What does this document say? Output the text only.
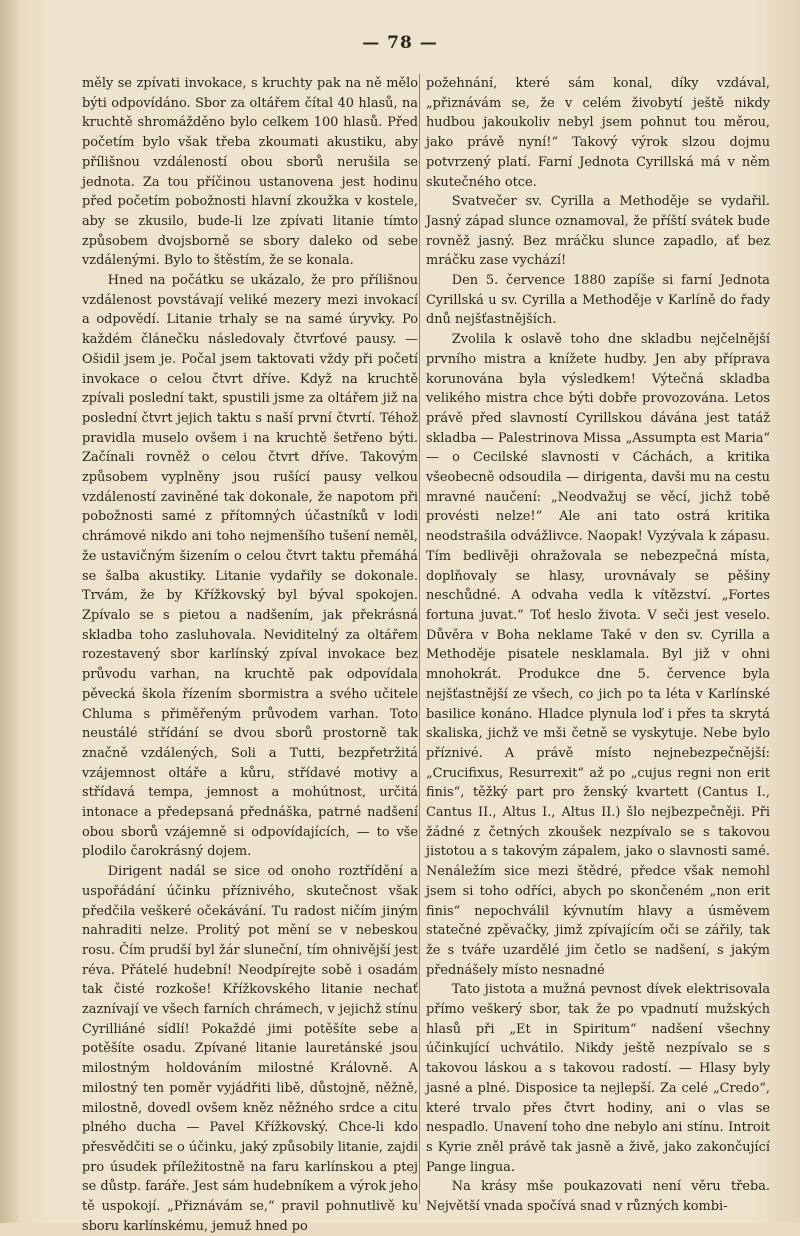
— 78 —

měly se zpívati invokace, s kruchty pak na ně mělo býti odpovídáno. Sbor za oltářem čítal 40 hlasů, na kruchtě shromážděno bylo celkem 100 hlasů. Před početím bylo však třeba zkoumati akustiku, aby přílišnou vzdáleností obou sborů nerušila se jednota. Za tou příčinou ustanovena jest hodinu před početím pobožnosti hlavní zkoužka v kostele, aby se zkusilo, bude-li lze zpívati litanie tímto způsobem dvojsborně se sbory daleko od sebe vzdálenými. Bylo to štěstím, že se konala.

Hned na počátku se ukázalo, že pro přílišnou vzdálenost povstávají veliké mezery mezi invokací a odpovědí. Litanie trhaly se na samé úryvky. Po každém článečku následovaly čtvrťové pausy. — Ošidil jsem je. Počal jsem taktovati vždy při početí invokace o celou čtvrt dříve. Když na kruchtě zpívali poslední takt, spustili jsme za oltářem již na poslední čtvrt jejich taktu s naší první čtvrtí. Téhož pravidla muselo ovšem i na kruchtě šetřeno býti. Začínali rovněž o celou čtvrt dříve. Takovým způsobem vyplněny jsou rušící pausy velkou vzdáleností zaviněné tak dokonale, že napotom při pobožnosti samé z přítomných účastníků v lodi chrámové nikdo ani toho nejmenšího tušení neměl, že ustavičným šizením o celou čtvrt taktu přemáhá se šalba akustiky. Litanie vydařily se dokonale. Trvám, že by Křížkovský byl býval spokojen. Zpívalo se s pietou a nadšením, jak překrásná skladba toho zasluhovala. Neviditelný za oltářem rozestavený sbor karlínský zpíval invokace bez průvodu varhan, na kruchtě pak odpovídala pěvecká škola řízením sbormistra a svého učitele Chluma s přiměřeným průvodem varhan. Toto neustálé střídání se dvou sborů prostorně tak značně vzdálených, Soli a Tutti, bezpřetržitá vzájemnost oltáře a kůru, střídavé motivy a střídavá tempa, jemnost a mohútnost, určitá intonace a předepsaná přednáška, patrné nadšení obou sborů vzájemně si odpovídajících, — to vše plodilo čarokrásný dojem.

Dirigent nadál se sice od onoho roztřídění a uspořádání účinku příznivého, skutečnost však předčila veškeré očekávání. Tu radost ničím jiným nahraditi nelze. Prolitý pot mění se v nebeskou rosu. Čím prudší byl žár sluneční, tím ohnivější jest réva. Přátelé hudební! Neodpírejte sobě i osadám tak čisté rozkoše! Křížkovského litanie nechať zaznívají ve všech farních chrámech, v jejichž stínu Cyrilliáné sídlí! Pokaždé jimi potěšíte sebe a potěšíte osadu. Zpívané litanie lauretánské jsou milostným holdováním milostné Královně. A milostný ten poměr vyjádřiti libě, důstojně, něžně, milostně, dovedl ovšem kněz něžného srdce a citu plného ducha — Pavel Křížkovský. Chce-li kdo přesvědčiti se o účinku, jaký způsobily litanie, zajdi pro úsudek příležitostně na faru karlínskou a ptej se důstp. faráře. Jest sám hudebníkem a výrok jeho tě uspokojí. „Přiznávám se,“ pravil pohnutlivě ku sboru karlínskému, jemuž hned po

požehnání, které sám konal, díky vzdával, „přiznávám se, že v celém živobytí ještě nikdy hudbou jakoukoliv nebyl jsem pohnut tou měrou, jako právě nyní!“ Takový výrok slzou dojmu potvrzený platí. Farní Jednota Cyrillská má v něm skutečného otce.

Svatvečer sv. Cyrilla a Methoděje se vydařil. Jasný západ slunce oznamoval, že příští svátek bude rovněž jasný. Bez mráčku slunce zapadlo, ať bez mráčku zase vychází!

Den 5. července 1880 zapíše si farní Jednota Cyrillská u sv. Cyrilla a Methoděje v Karlíně do řady dnů nejšťastnějších.

Zvolila k oslavě toho dne skladbu nejčelnější prvního mistra a knížete hudby. Jen aby příprava korunována byla výsledkem! Výtečná skladba velikého mistra chce býti dobře provozována. Letos právě před slavností Cyrillskou dávána jest tatáž skladba — Palestrinova Missa „Assumpta est Maria“ — o Cecilské slavnosti v Cáchách, a kritika všeobecně odsoudila — dirigenta, davši mu na cestu mravné naučení: „Neodvažuj se věcí, jichž tobě provésti nelze!“ Ale ani tato ostrá kritika neodstrašila odvážlivce. Naopak! Vyzývala k zápasu. Tím bedlivěji ohražovala se nebezpečná místa, doplňovaly se hlasy, urovnávaly se pěšiny neschůdné. A odvaha vedla k vítězství. „Fortes fortuna juvat.“ Toť heslo života. V seči jest veselo. Důvěra v Boha neklame Také v den sv. Cyrilla a Methoděje pisatele nesklamala. Byl již v ohni mnohokrát. Produkce dne 5. července byla nejšťastnější ze všech, co jich po ta léta v Karlínské basilice konáno. Hladce plynula loď i přes ta skrytá skaliska, jichž ve mši četně se vyskytuje. Nebe bylo příznivé. A právě místo nejnebezpečnější: „Crucifixus, Resurrexit“ až po „cujus regni non erit finis“, těžký part pro ženský kvartett (Cantus I., Cantus II., Altus I., Altus II.) šlo nejbezpečněji. Při žádné z četných zkoušek nezpívalo se s takovou jistotou a s takovým zápalem, jako o slavnosti samé. Nenáležím sice mezi štědré, předce však nemohl jsem si toho odříci, abych po skončeném „non erit finis“ nepochválil kývnutím hlavy a úsměvem statečné zpěvačky, jimž zpívajícím oči se zářily, tak že s tváře uzardělé jim četlo se nadšení, s jakým přednášely místo nesnadné

Tato jistota a mužná pevnost dívek elektrisovala přímo veškerý sbor, tak že po vpadnutí mužských hlasů při „Et in Spiritum“ nadšení všechny účinkující uchvátilo. Nikdy ještě nezpívalo se s takovou láskou a s takovou radostí. — Hlasy byly jasné a plné. Disposice ta nejlepší. Za celé „Credo“, které trvalo přes čtvrt hodiny, ani o vlas se nespadlo. Unavení toho dne nebylo ani stínu. Introit s Kyrie zněl právě tak jasně a živě, jako zakončující Pange lingua.

Na krásy mše poukazovati není věru třeba. Největší vnada spočívá snad v různých kombi-
